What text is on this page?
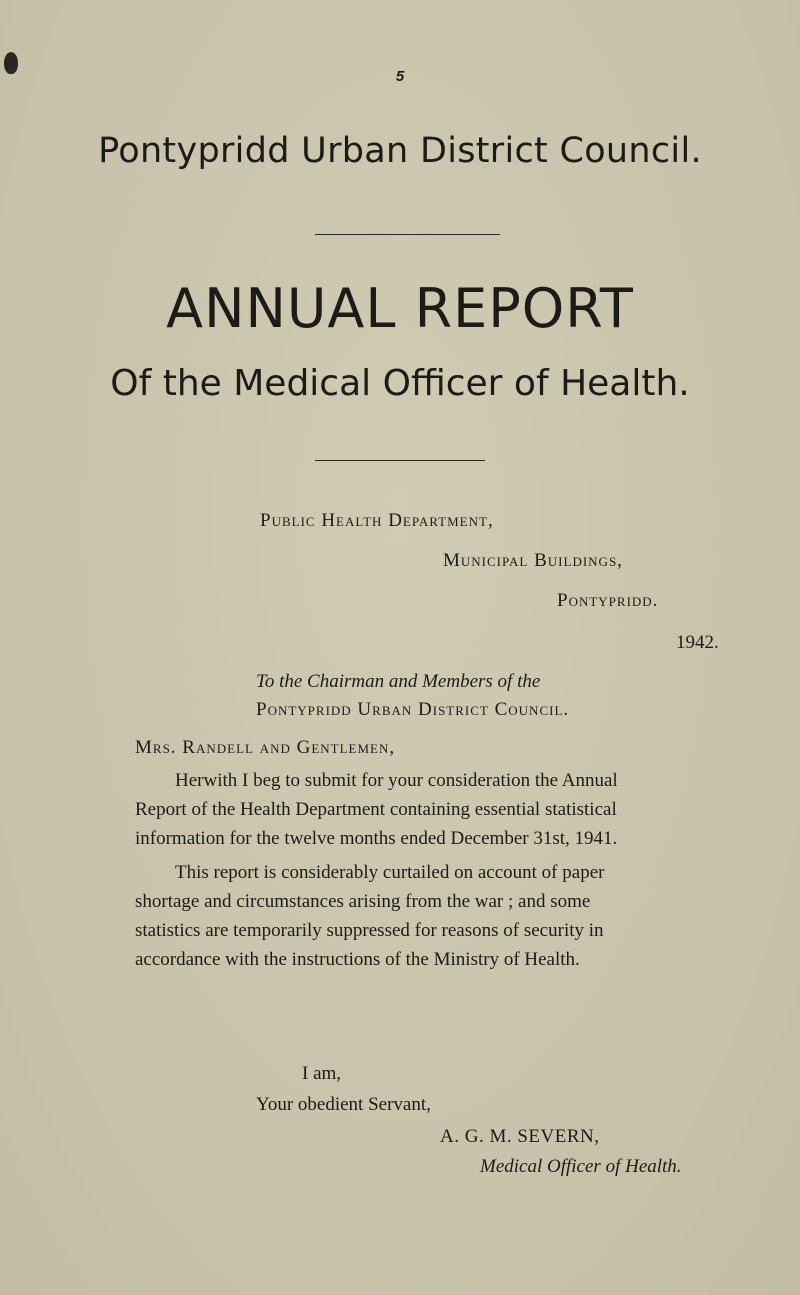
5
Pontypridd Urban District Council.
ANNUAL REPORT
Of the Medical Officer of Health.
Public Health Department,
Municipal Buildings,
Pontypridd.
1942.
To the Chairman and Members of the
Pontypridd Urban District Council.
Mrs. Randell and Gentlemen,
Herwith I beg to submit for your consideration the Annual
Report of the Health Department containing essential statistical
information for the twelve months ended December 31st, 1941.
This report is considerably curtailed on account of paper
shortage and circumstances arising from the war ; and some
statistics are temporarily suppressed for reasons of security in
accordance with the instructions of the Ministry of Health.
I am,
Your obedient Servant,
A. G. M. SEVERN,
Medical Officer of Health.
